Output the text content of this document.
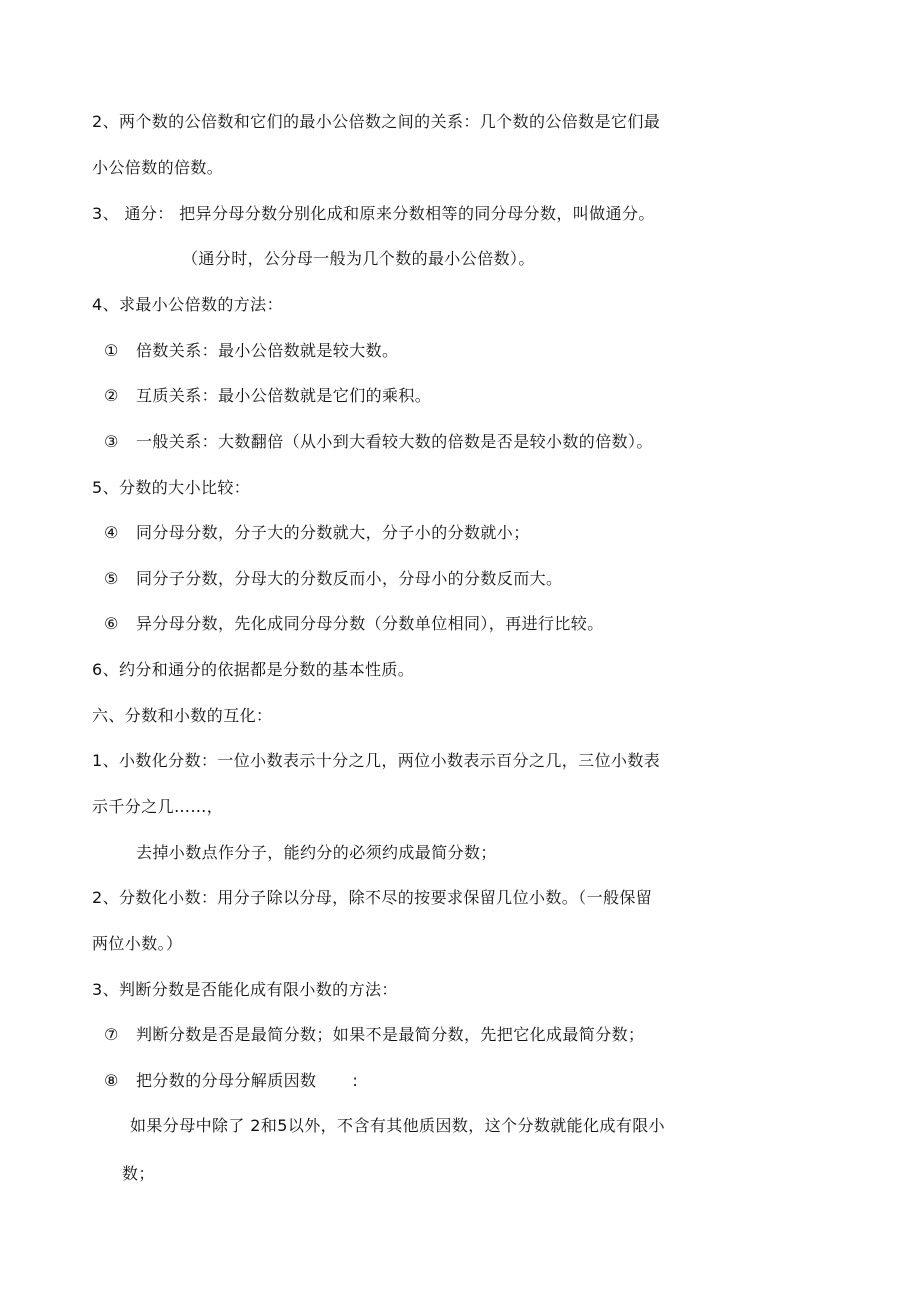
2、两个数的公倍数和它们的最小公倍数之间的关系：几个数的公倍数是它们最
小公倍数的倍数。
3、 通分： 把异分母分数分别化成和原来分数相等的同分母分数，叫做通分。
（通分时，公分母一般为几个数的最小公倍数）。
4、求最小公倍数的方法：
① 倍数关系：最小公倍数就是较大数。
② 互质关系：最小公倍数就是它们的乘积。
③ 一般关系：大数翻倍（从小到大看较大数的倍数是否是较小数的倍数）。
5、分数的大小比较：
④ 同分母分数，分子大的分数就大，分子小的分数就小；
⑤ 同分子分数，分母大的分数反而小，分母小的分数反而大。
⑥ 异分母分数，先化成同分母分数（分数单位相同），再进行比较。
6、约分和通分的依据都是分数的基本性质。
六、分数和小数的互化：
1、小数化分数：一位小数表示十分之几，两位小数表示百分之几，三位小数表
示千分之几……，
去掉小数点作分子，能约分的必须约成最简分数；
2、分数化小数：用分子除以分母，除不尽的按要求保留几位小数。（一般保留
两位小数。）
3、判断分数是否能化成有限小数的方法：
⑦ 判断分数是否是最简分数；如果不是最简分数，先把它化成最简分数；
⑧ 把分数的分母分解质因数 :
如果分母中除了 2和5以外，不含有其他质因数，这个分数就能化成有限小
数；
